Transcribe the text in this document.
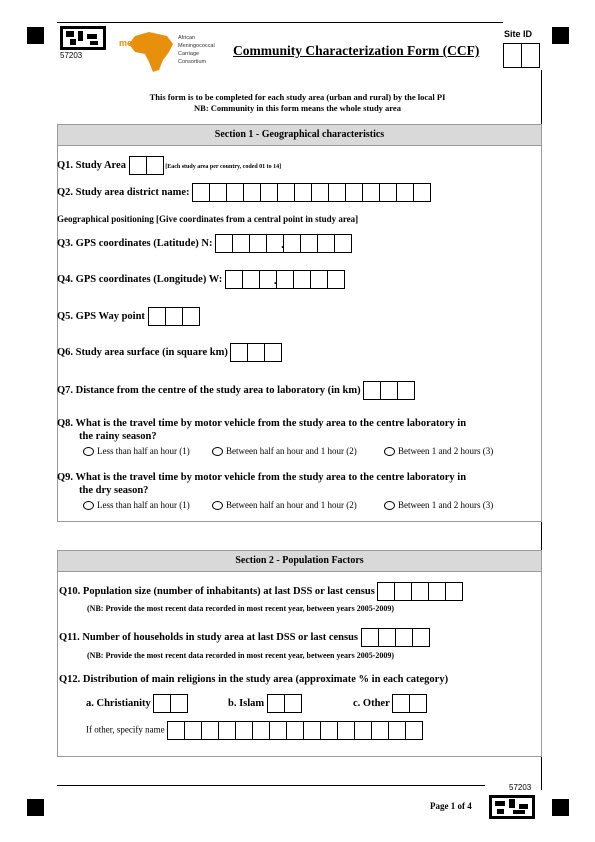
57203
menafricar African
Meningococcal
Carriage
Consortium
Community Characterization Form (CCF)
Site ID
This form is to be completed for each study area (urban and rural) by the local PI
NB: Community in this form means the whole study area
Section 1 - Geographical characteristics
Q1. Study Area	[Each study area per country, coded 01 to 14]
Q2. Study area district name:
Geographical positioning [Give coordinates from a central point in study area]
Q3. GPS coordinates (Latitude) N:	.
Q4. GPS coordinates (Longitude) W:	.
Q5. GPS Way point
Q6. Study area surface (in square km)
Q7. Distance from the centre of the study area to laboratory (in km)
Q8. What is the travel time by motor vehicle from the study area to the centre laboratory in
the rainy season?
Less than half an hour (1)	Between half an hour and 1 hour (2)	Between 1 and 2 hours (3)
Q9. What is the travel time by motor vehicle from the study area to the centre laboratory in
the dry season?
Less than half an hour (1)	Between half an hour and 1 hour (2)	Between 1 and 2 hours (3)
Section 2 - Population Factors
Q10. Population size (number of inhabitants) at last DSS or last census
(NB: Provide the most recent data recorded in most recent year, between years 2005-2009)
Q11. Number of households in study area at last DSS or last census
(NB: Provide the most recent data recorded in most recent year, between years 2005-2009)
Q12. Distribution of main religions in the study area (approximate % in each category)
a. Christianity	b. Islam	c. Other
If other, specify name
Page 1 of 4
57203
